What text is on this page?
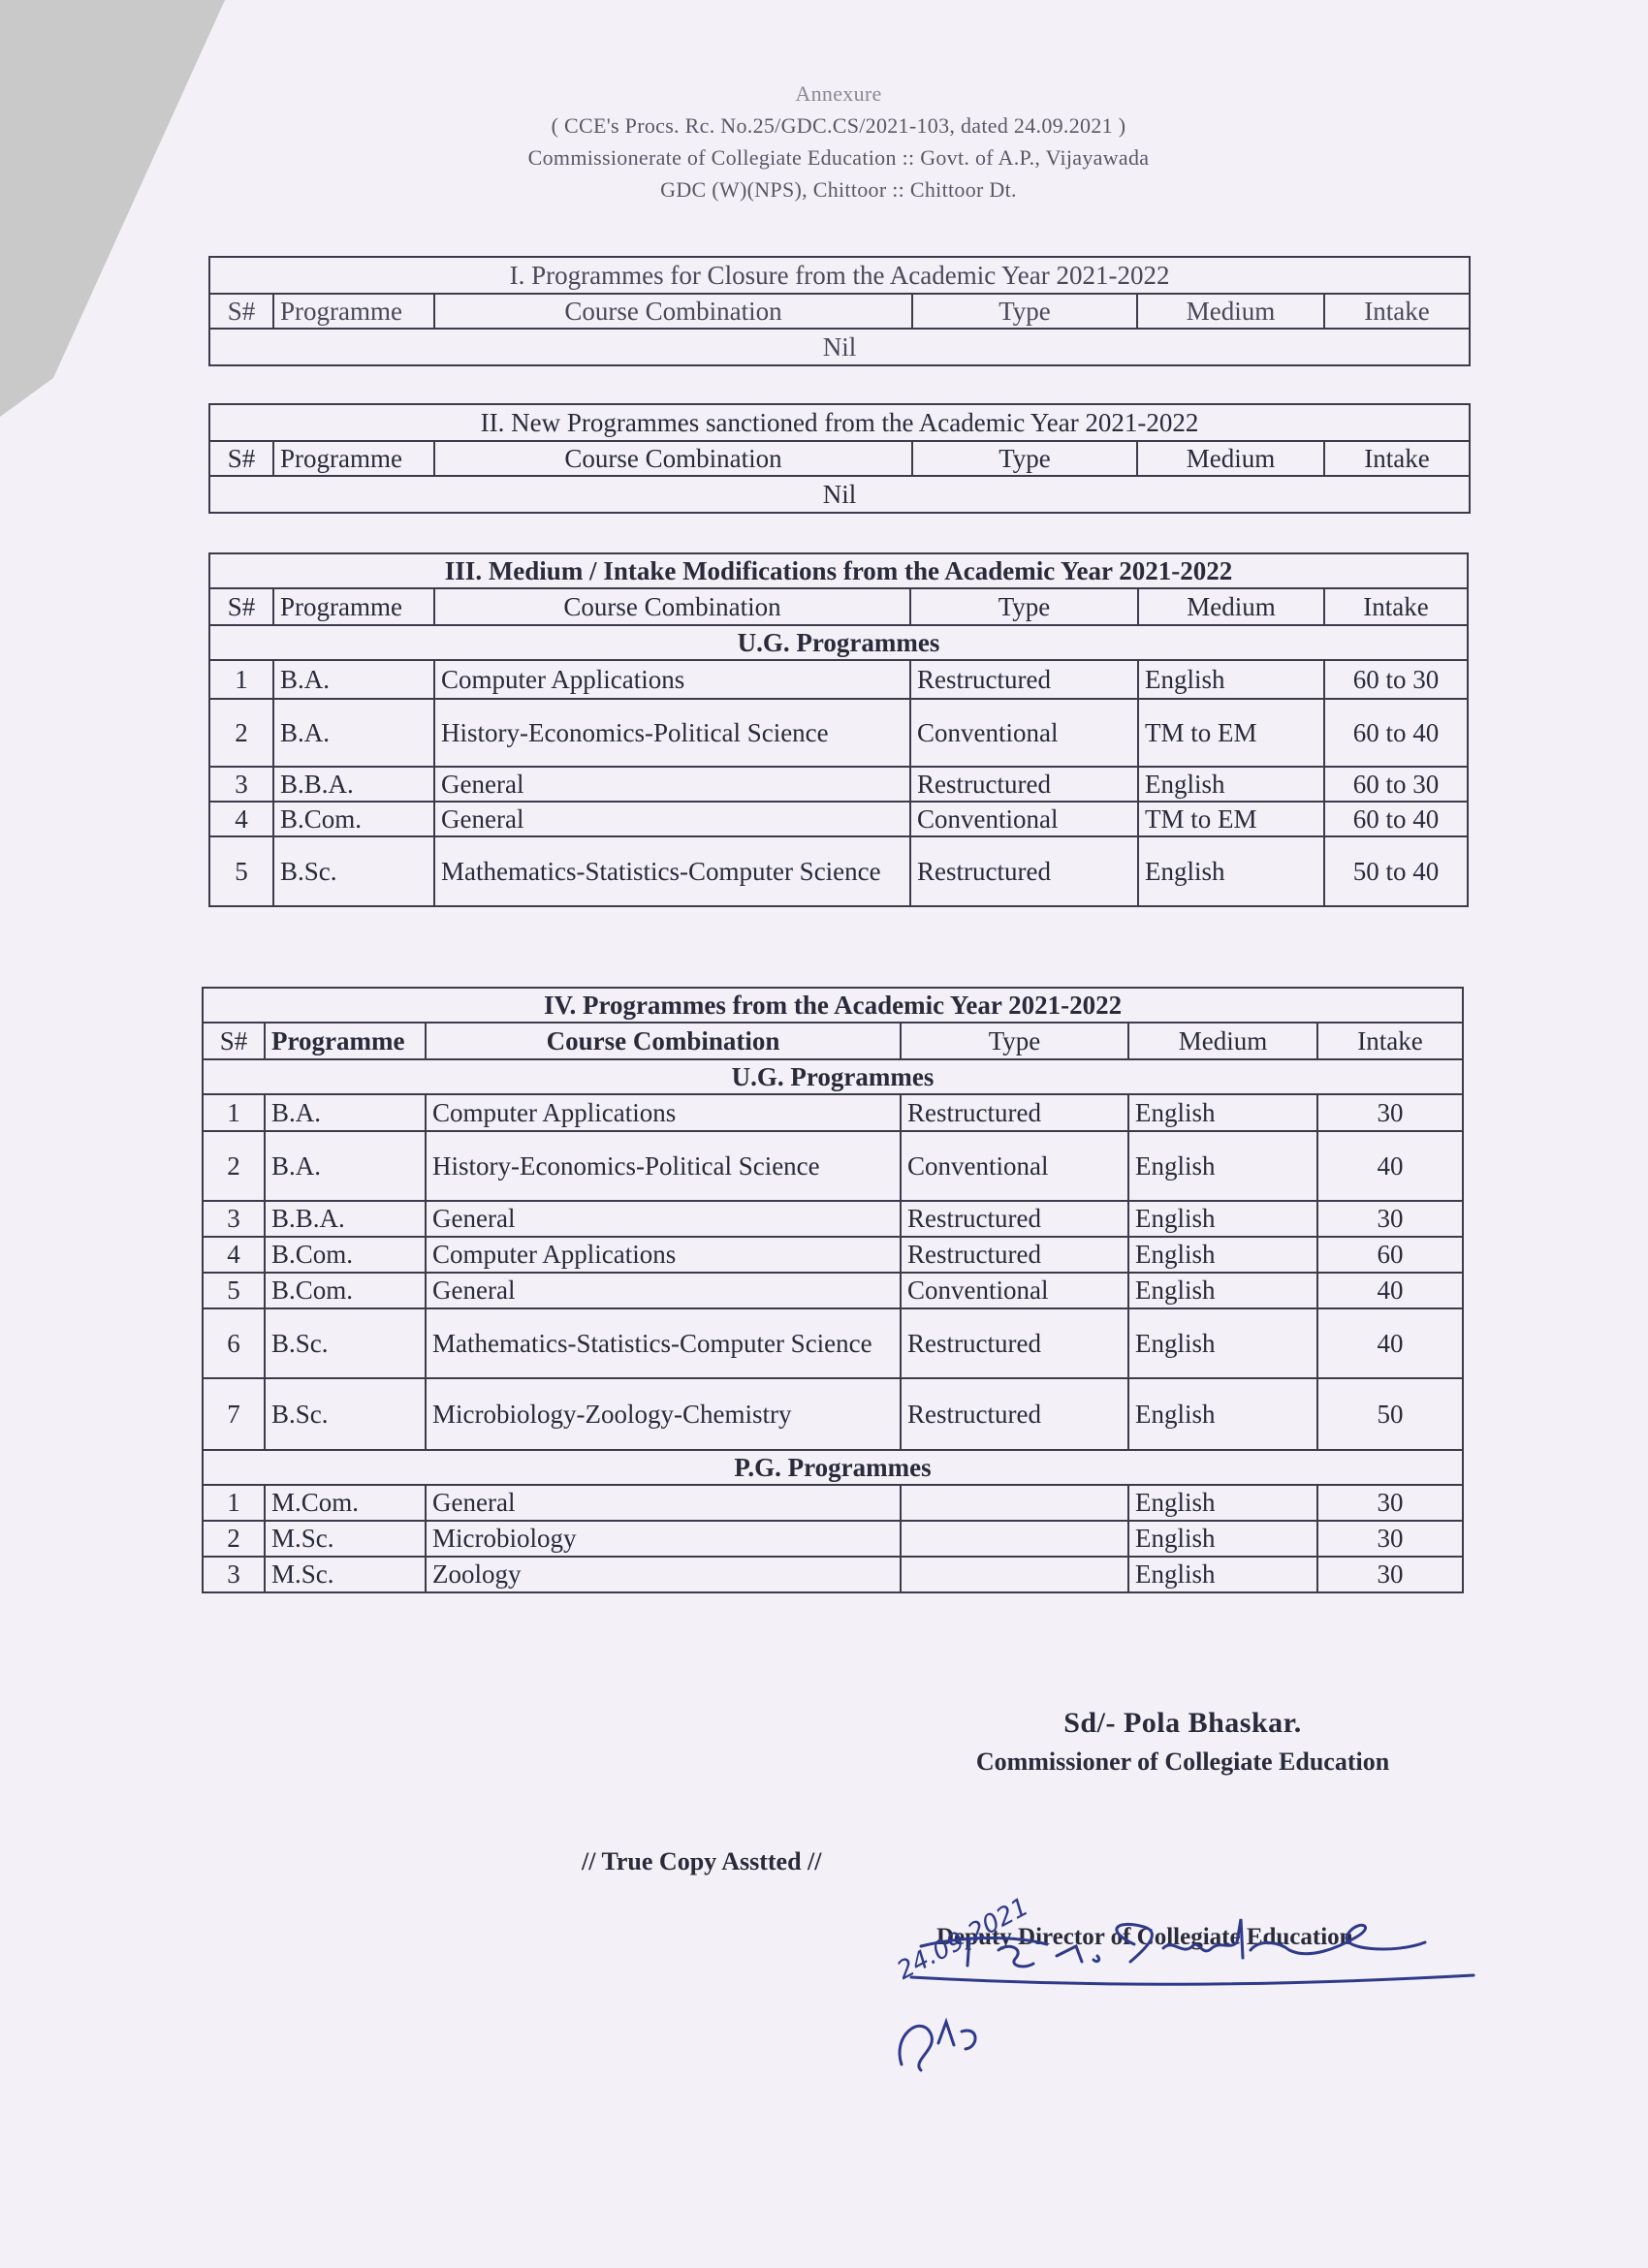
Annexure
( CCE's Procs. Rc. No.25/GDC.CS/2021-103, dated 24.09.2021 )
Commissionerate of Collegiate Education :: Govt. of A.P., Vijayawada
GDC (W)(NPS), Chittoor :: Chittoor Dt.
I. Programmes for Closure from the Academic Year 2021-2022
S#	Programme	Course Combination	Type	Medium	Intake
Nil
II. New Programmes sanctioned from the Academic Year 2021-2022
S#	Programme	Course Combination	Type	Medium	Intake
Nil
III. Medium / Intake Modifications from the Academic Year 2021-2022					
S#	Programme	Course Combination	Type	Medium	Intake
U.G. Programmes					
1	B.A.	Computer Applications	Restructured	English	60 to 30
2	B.A.	History-Economics-Political Science	Conventional	TM to EM	60 to 40
3	B.B.A.	General	Restructured	English	60 to 30
4	B.Com.	General	Conventional	TM to EM	60 to 40
5	B.Sc.	Mathematics-Statistics-Computer Science	Restructured	English	50 to 40
IV. Programmes from the Academic Year 2021-2022					
S#	Programme	Course Combination	Type	Medium	Intake
U.G. Programmes					
1	B.A.	Computer Applications	Restructured	English	30
2	B.A.	History-Economics-Political Science	Conventional	English	40
3	B.B.A.	General	Restructured	English	30
4	B.Com.	Computer Applications	Restructured	English	60
5	B.Com.	General	Conventional	English	40
6	B.Sc.	Mathematics-Statistics-Computer Science	Restructured	English	40
7	B.Sc.	Microbiology-Zoology-Chemistry	Restructured	English	50
P.G. Programmes					
1	M.Com.	General		English	30
2	M.Sc.	Microbiology		English	30
3	M.Sc.	Zoology		English	30
Sd/- Pola Bhaskar.
Commissioner of Collegiate Education
// True Copy Asstted //
Deputy Director of Collegiate Education
24.09.2021
